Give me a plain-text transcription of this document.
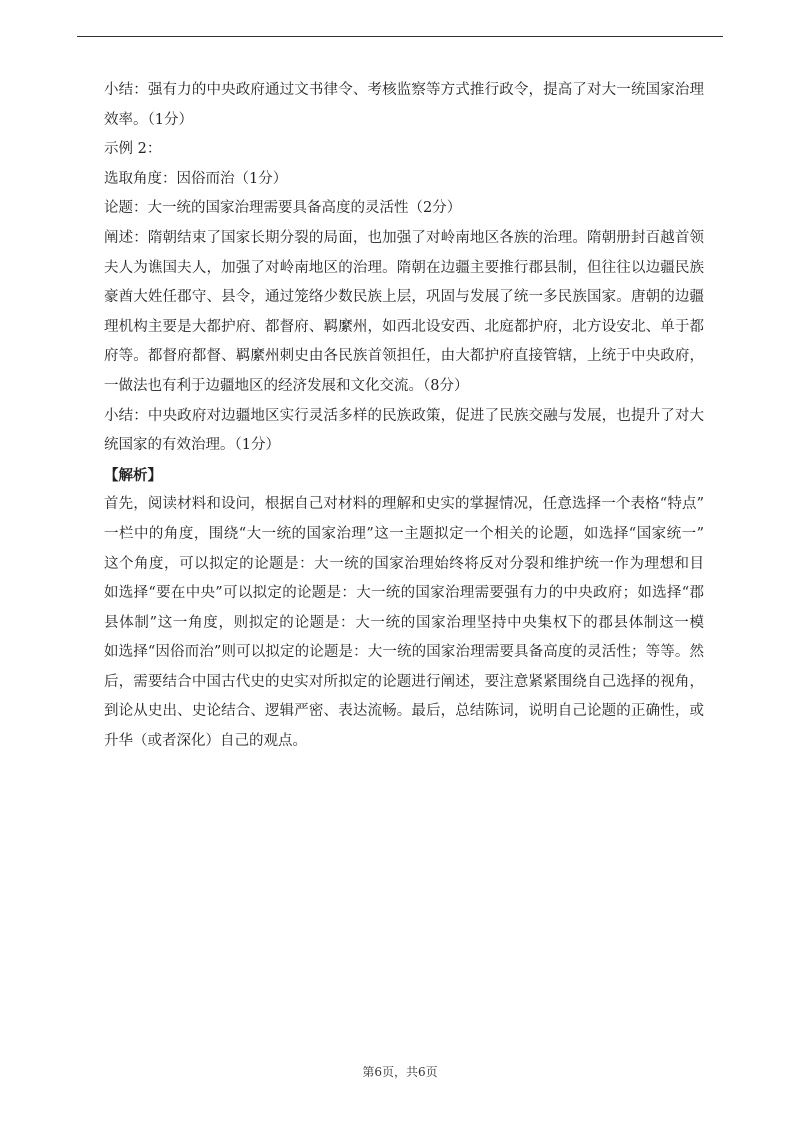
小结：强有力的中央政府通过文书律令、考核监察等方式推行政令，提高了对大一统国家治理
效率。（1分）
示例 2：
选取角度：因俗而治（1分）
论题：大一统的国家治理需要具备高度的灵活性（2分）
阐述：隋朝结束了国家长期分裂的局面，也加强了对岭南地区各族的治理。隋朝册封百越首领
夫人为谯国夫人，加强了对岭南地区的治理。隋朝在边疆主要推行郡县制，但往往以边疆民族
豪酋大姓任郡守、县令，通过笼络少数民族上层，巩固与发展了统一多民族国家。唐朝的边疆
理机构主要是大都护府、都督府、羁縻州，如西北设安西、北庭都护府，北方设安北、单于都
府等。都督府都督、羁縻州刺史由各民族首领担任，由大都护府直接管辖，上统于中央政府，
一做法也有利于边疆地区的经济发展和文化交流。（8分）
小结：中央政府对边疆地区实行灵活多样的民族政策，促进了民族交融与发展，也提升了对大
统国家的有效治理。（1分）
【解析】
首先，阅读材料和设问，根据自己对材料的理解和史实的掌握情况，任意选择一个表格“特点”
一栏中的角度，围绕“大一统的国家治理”这一主题拟定一个相关的论题，如选择“国家统一”
这个角度，可以拟定的论题是：大一统的国家治理始终将反对分裂和维护统一作为理想和目
如选择“要在中央”可以拟定的论题是：大一统的国家治理需要强有力的中央政府；如选择“郡
县体制”这一角度，则拟定的论题是：大一统的国家治理坚持中央集权下的郡县体制这一模
如选择“因俗而治”则可以拟定的论题是：大一统的国家治理需要具备高度的灵活性；等等。然
后，需要结合中国古代史的史实对所拟定的论题进行阐述，要注意紧紧围绕自己选择的视角，
到论从史出、史论结合、逻辑严密、表达流畅。最后，总结陈词，说明自己论题的正确性，或
升华（或者深化）自己的观点。
第6页，共6页
